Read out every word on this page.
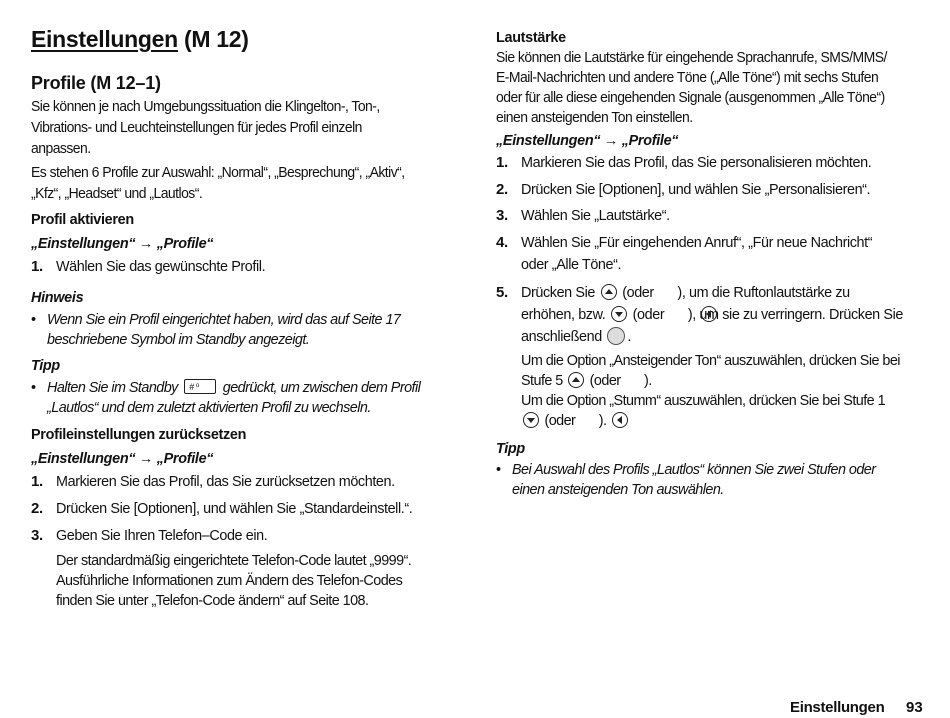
Einstellungen (M 12)
Profile (M 12–1)

Sie können je nach Umgebungssituation die Klingelton-, Ton-,

Vibrations- und Leuchteinstellungen für jedes Profil einzeln

anpassen.

Es stehen 6 Profile zur Auswahl: „Normal“, „Besprechung“, „Aktiv“,

„Kfz“, „Headset“ und „Lautlos“.

Profil aktivieren

„Einstellungen“ → „Profile“

1. Wählen Sie das gewünschte Profil.

Hinweis

• Wenn Sie ein Profil eingerichtet haben, wird das auf Seite 17

beschriebene Symbol im Standby angezeigt.

Tipp

• Halten Sie im Standby # ⁰	gedrückt, um zwischen dem Profil

„Lautlos“ und dem zuletzt aktivierten Profil zu wechseln.

Profileinstellungen zurücksetzen

„Einstellungen“ → „Profile“

1. Markieren Sie das Profil, das Sie zurücksetzen möchten.

2. Drücken Sie [Optionen], und wählen Sie „Standardeinstell.“.

3. Geben Sie Ihren Telefon–Code ein.

Der standardmäßig eingerichtete Telefon-Code lautet „9999“.

Ausführliche Informationen zum Ändern des Telefon-Codes

finden Sie unter „Telefon-Code ändern“ auf Seite 108.

Lautstärke

Sie können die Lautstärke für eingehende Sprachanrufe, SMS/MMS/

E-Mail-Nachrichten und andere Töne („Alle Töne“) mit sechs Stufen

oder für alle diese eingehenden Signale (ausgenommen „Alle Töne“)

einen ansteigenden Ton einstellen.

„Einstellungen“ → „Profile“

1. Markieren Sie das Profil, das Sie personalisieren möchten.

2. Drücken Sie [Optionen], und wählen Sie „Personalisieren“.

3. Wählen Sie „Lautstärke“.

4. Wählen Sie „Für eingehenden Anruf“, „Für neue Nachricht“
oder „Alle Töne“.

5. Drücken Sie (oder ), um die Ruftonlautstärke zu
erhöhen, bzw. (oder ), um sie zu verringern. Drücken Sie
anschließend .

Um die Option „Ansteigender Ton“ auszuwählen, drücken Sie bei

Stufe 5 (oder ).

Um die Option „Stumm“ auszuwählen, drücken Sie bei Stufe 1

(oder ).

Tipp

• Bei Auswahl des Profils „Lautlos“ können Sie zwei Stufen oder

einen ansteigenden Ton auswählen.

Einstellungen 93
